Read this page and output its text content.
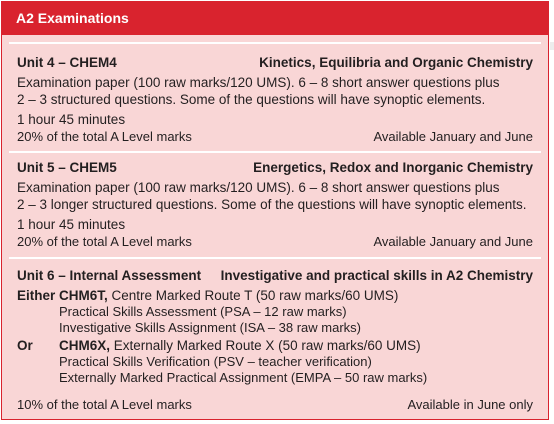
A2 Examinations
Unit 4 – CHEM4	Kinetics, Equilibria and Organic Chemistry
Examination paper (100 raw marks/120 UMS). 6 – 8 short answer questions plus
2 – 3 structured questions. Some of the questions will have synoptic elements.
1 hour 45 minutes
20% of the total A Level marks	Available January and June
Unit 5 – CHEM5	Energetics, Redox and Inorganic Chemistry
Examination paper (100 raw marks/120 UMS). 6 – 8 short answer questions plus
2 – 3 longer structured questions. Some of the questions will have synoptic elements.
1 hour 45 minutes
20% of the total A Level marks	Available January and June
Unit 6 – Internal Assessment Investigative and practical skills in A2 Chemistry
Either CHM6T, Centre Marked Route T (50 raw marks/60 UMS)
Practical Skills Assessment (PSA – 12 raw marks)
Investigative Skills Assignment (ISA – 38 raw marks)
Or	CHM6X, Externally Marked Route X (50 raw marks/60 UMS)
Practical Skills Verification (PSV – teacher verification)
Externally Marked Practical Assignment (EMPA – 50 raw marks)
10% of the total A Level marks	Available in June only
